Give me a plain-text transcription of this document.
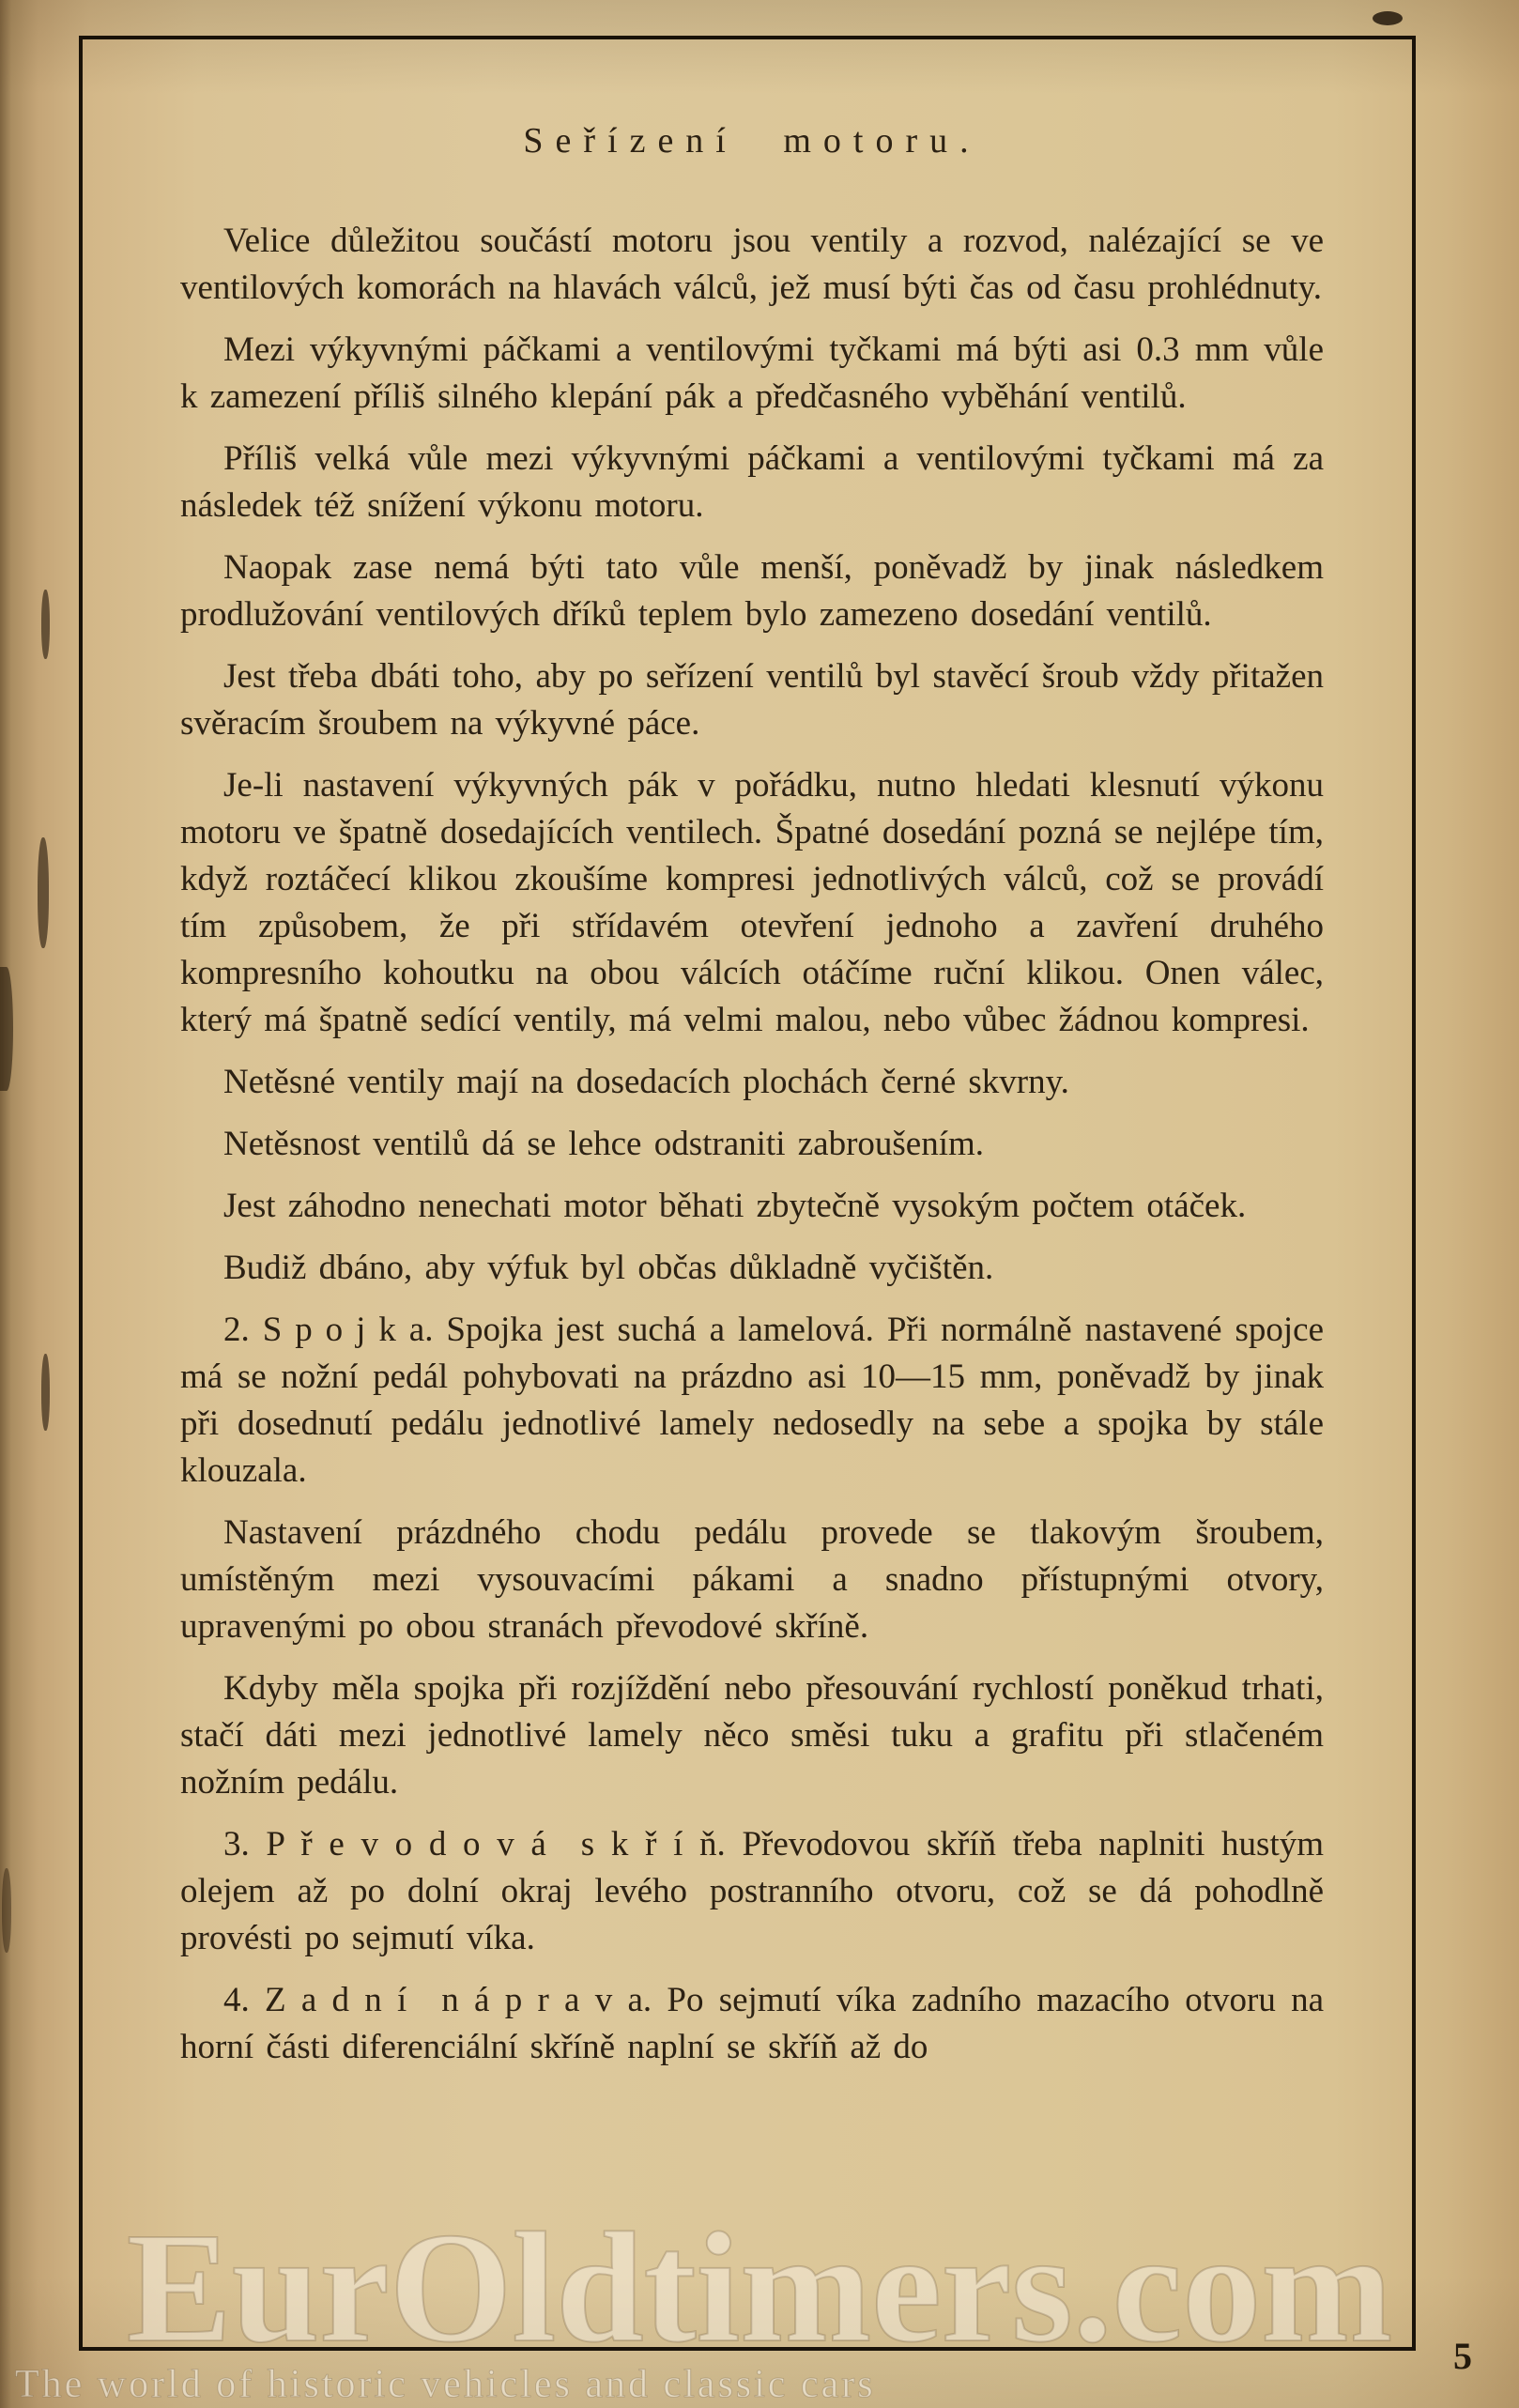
Seřízení motoru.

Velice důležitou součástí motoru jsou ventily a rozvod, nalézající se ve ventilových komorách na hlavách válců, jež musí býti čas od času prohlédnuty.

Mezi výkyvnými páčkami a ventilovými tyčkami má býti asi 0.3 mm vůle k zamezení příliš silného klepání pák a předčasného vyběhání ventilů.

Příliš velká vůle mezi výkyvnými páčkami a ventilovými tyčkami má za následek též snížení výkonu motoru.

Naopak zase nemá býti tato vůle menší, poněvadž by jinak následkem prodlužování ventilových dříků teplem bylo zamezeno dosedání ventilů.

Jest třeba dbáti toho, aby po seřízení ventilů byl stavěcí šroub vždy přitažen svěracím šroubem na výkyvné páce.

Je-li nastavení výkyvných pák v pořádku, nutno hledati klesnutí výkonu motoru ve špatně dosedajících ventilech. Špatné dosedání pozná se nejlépe tím, když roztáčecí klikou zkoušíme kompresi jednotlivých válců, což se provádí tím způsobem, že při střídavém otevření jednoho a zavření druhého kompresního kohoutku na obou válcích otáčíme ruční klikou. Onen válec, který má špatně sedící ventily, má velmi malou, nebo vůbec žádnou kompresi.

Netěsné ventily mají na dosedacích plochách černé skvrny.

Netěsnost ventilů dá se lehce odstraniti zabroušením.

Jest záhodno nenechati motor běhati zbytečně vysokým počtem otáček.

Budiž dbáno, aby výfuk byl občas důkladně vyčištěn.

2. S p o j k a. Spojka jest suchá a lamelová. Při normálně nastavené spojce má se nožní pedál pohybovati na prázdno asi 10—15 mm, poněvadž by jinak při dosednutí pedálu jednotlivé lamely nedosedly na sebe a spojka by stále klouzala.

Nastavení prázdného chodu pedálu provede se tlakovým šroubem, umístěným mezi vysouvacími pákami a snadno přístupnými otvory, upravenými po obou stranách převodové skříně.

Kdyby měla spojka při rozjíždění nebo přesouvání rychlostí poněkud trhati, stačí dáti mezi jednotlivé lamely něco směsi tuku a grafitu při stlačeném nožním pedálu.

3. P ř e v o d o v á s k ř í ň. Převodovou skříň třeba naplniti hustým olejem až po dolní okraj levého postranního otvoru, což se dá pohodlně provésti po sejmutí víka.

4. Z a d n í n á p r a v a. Po sejmutí víka zadního mazacího otvoru na horní části diferenciální skříně naplní se skříň až do

5
EurOldtimers.com
The world of historic vehicles and classic cars
